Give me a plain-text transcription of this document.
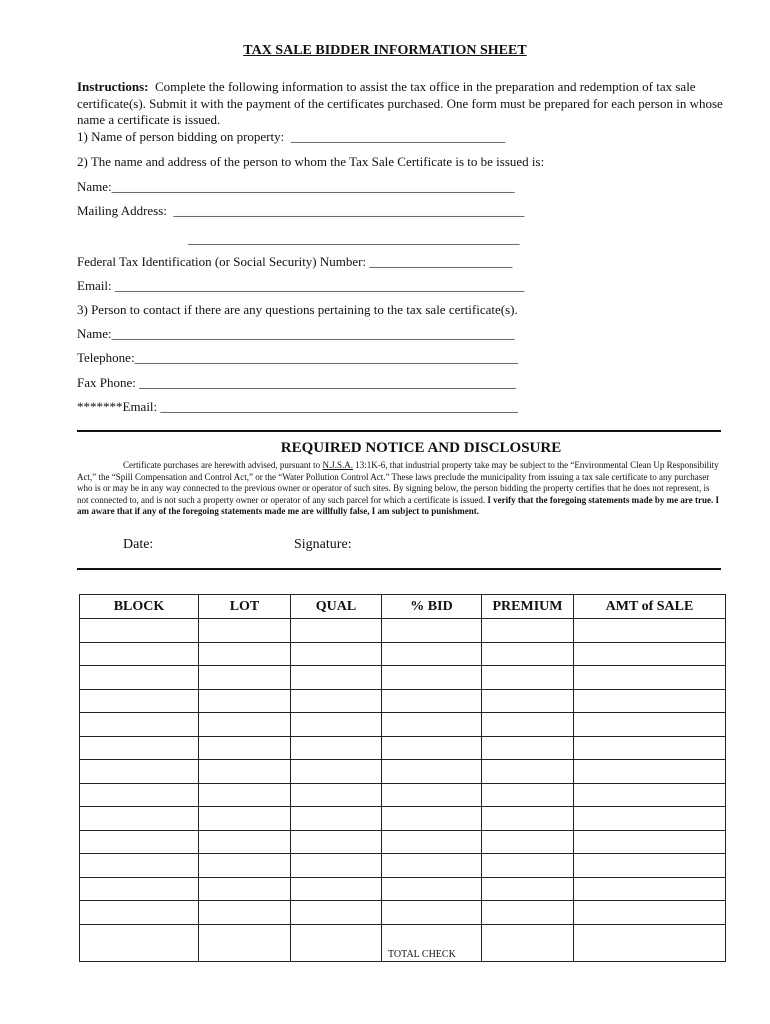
TAX SALE BIDDER INFORMATION SHEET
Instructions: Complete the following information to assist the tax office in the preparation and redemption of tax sale certificate(s). Submit it with the payment of the certificates purchased. One form must be prepared for each person in whose name a certificate is issued.
1) Name of person bidding on property:  _________________________________
2) The name and address of the person to whom the Tax Sale Certificate is to be issued is:
Name:______________________________________________________________
Mailing Address:  ______________________________________________________
___________________________________________________
Federal Tax Identification (or Social Security) Number: ______________________
Email: _______________________________________________________________
3) Person to contact if there are any questions pertaining to the tax sale certificate(s).
Name:______________________________________________________________
Telephone:___________________________________________________________
Fax Phone: __________________________________________________________
*******Email: _______________________________________________________
REQUIRED NOTICE AND DISCLOSURE
Certificate purchases are herewith advised, pursuant to N.J.S.A. 13:1K-6, that industrial property take may be subject to the “Environmental Clean Up Responsibility Act,” the “Spill Compensation and Control Act,” or the “Water Pollution Control Act.” These laws preclude the municipality from issuing a tax sale certificate to any purchaser who is or may be in any way connected to the previous owner or operator of such sites. By signing below, the person bidding the property certifies that he does not represent, is not connected to, and is not such a property owner or operator of any such parcel for which a certificate is issued. I verify that the foregoing statements made by me are true. I am aware that if any of the foregoing statements made me are willfully false, I am subject to punishment.
Date:	Signature:
BLOCK	LOT	QUAL	% BID	PREMIUM	AMT of SALE

			TOTAL CHECK		
